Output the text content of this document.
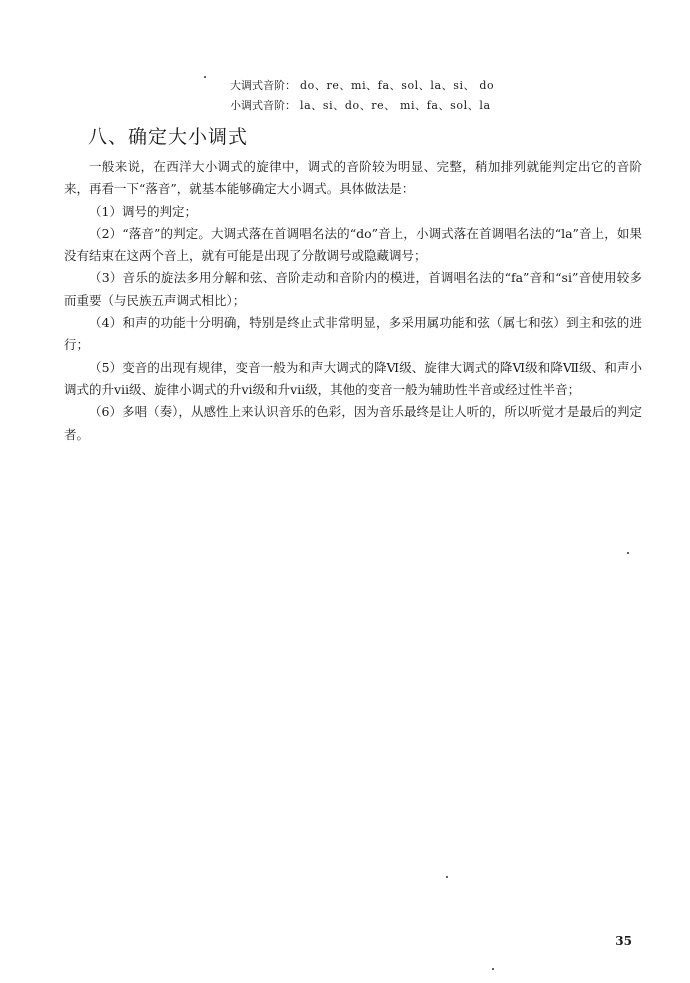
大调式音阶： do、re、mi、fa、sol、la、si、 do
小调式音阶： la、si、do、re、 mi、fa、sol、la
八、确定大小调式

一般来说，在西洋大小调式的旋律中，调式的音阶较为明显、完整，稍加排列就能判定出它的音阶来，再看一下“落音”，就基本能够确定大小调式。具体做法是：

（1）调号的判定；

（2）“落音”的判定。大调式落在首调唱名法的“do”音上，小调式落在首调唱名法的“la”音上，如果没有结束在这两个音上，就有可能是出现了分散调号或隐藏调号；

（3）音乐的旋法多用分解和弦、音阶走动和音阶内的模进，首调唱名法的“fa”音和“si”音使用较多而重要（与民族五声调式相比）；

（4）和声的功能十分明确，特别是终止式非常明显，多采用属功能和弦（属七和弦）到主和弦的进行；

（5）变音的出现有规律，变音一般为和声大调式的降Ⅵ级、旋律大调式的降Ⅵ级和降Ⅶ级、和声小调式的升ⅶ级、旋律小调式的升ⅵ级和升ⅶ级，其他的变音一般为辅助性半音或经过性半音；

（6）多唱（奏），从感性上来认识音乐的色彩，因为音乐最终是让人听的，所以听觉才是最后的判定者。

35
